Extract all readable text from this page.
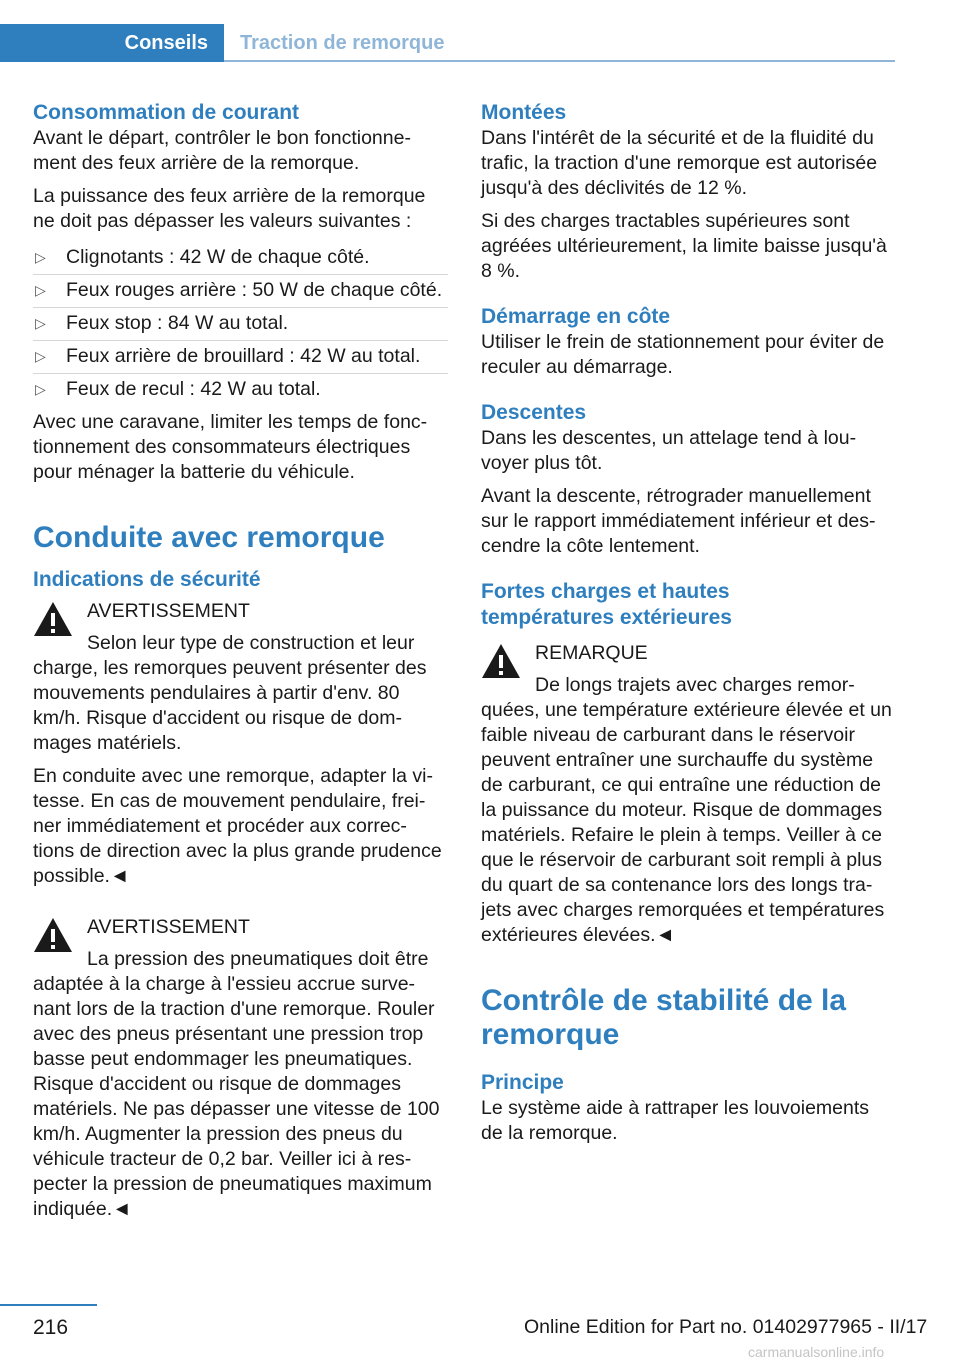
Conseils Traction de remorque
Consommation de courant

Avant le départ, contrôler le bon fonctionne-ment des feux arrière de la remorque.

La puissance des feux arrière de la remorque ne doit pas dépasser les valeurs suivantes :

▷ Clignotants : 42 W de chaque côté.
▷ Feux rouges arrière : 50 W de chaque côté.
▷ Feux stop : 84 W au total.
▷ Feux arrière de brouillard : 42 W au total.
▷ Feux de recul : 42 W au total.

Avec une caravane, limiter les temps de fonc-tionnement des consommateurs électriques pour ménager la batterie du véhicule.

Conduite avec remorque
Indications de sécurité
AVERTISSEMENT

Selon leur type de construction et leur charge, les remorques peuvent présenter des mouvements pendulaires à partir d'env. 80 km/h. Risque d'accident ou risque de dom-mages matériels.

En conduite avec une remorque, adapter la vi-tesse. En cas de mouvement pendulaire, frei-ner immédiatement et procéder aux correc-tions de direction avec la plus grande prudence possible.◄

AVERTISSEMENT

La pression des pneumatiques doit être adaptée à la charge à l'essieu accrue surve-nant lors de la traction d'une remorque. Rouler avec des pneus présentant une pression trop basse peut endommager les pneumatiques. Risque d'accident ou risque de dommages matériels. Ne pas dépasser une vitesse de 100 km/h. Augmenter la pression des pneus du véhicule tracteur de 0,2 bar. Veiller ici à res-pecter la pression de pneumatiques maximum indiquée.◄

Montées

Dans l'intérêt de la sécurité et de la fluidité du trafic, la traction d'une remorque est autorisée jusqu'à des déclivités de 12 %.

Si des charges tractables supérieures sont agréées ultérieurement, la limite baisse jusqu'à 8 %.

Démarrage en côte

Utiliser le frein de stationnement pour éviter de reculer au démarrage.

Descentes

Dans les descentes, un attelage tend à lou-voyer plus tôt.

Avant la descente, rétrograder manuellement sur le rapport immédiatement inférieur et des-cendre la côte lentement.

Fortes charges et hautes températures extérieures
REMARQUE

De longs trajets avec charges remor-quées, une température extérieure élevée et un faible niveau de carburant dans le réservoir peuvent entraîner une surchauffe du système de carburant, ce qui entraîne une réduction de la puissance du moteur. Risque de dommages matériels. Refaire le plein à temps. Veiller à ce que le réservoir de carburant soit rempli à plus du quart de sa contenance lors des longs tra-jets avec charges remorquées et températures extérieures élevées.◄

Contrôle de stabilité de la remorque
Principe

Le système aide à rattraper les louvoiements de la remorque.

216	Online Edition for Part no. 01402977965 - II/17
carmanualsonline.info
